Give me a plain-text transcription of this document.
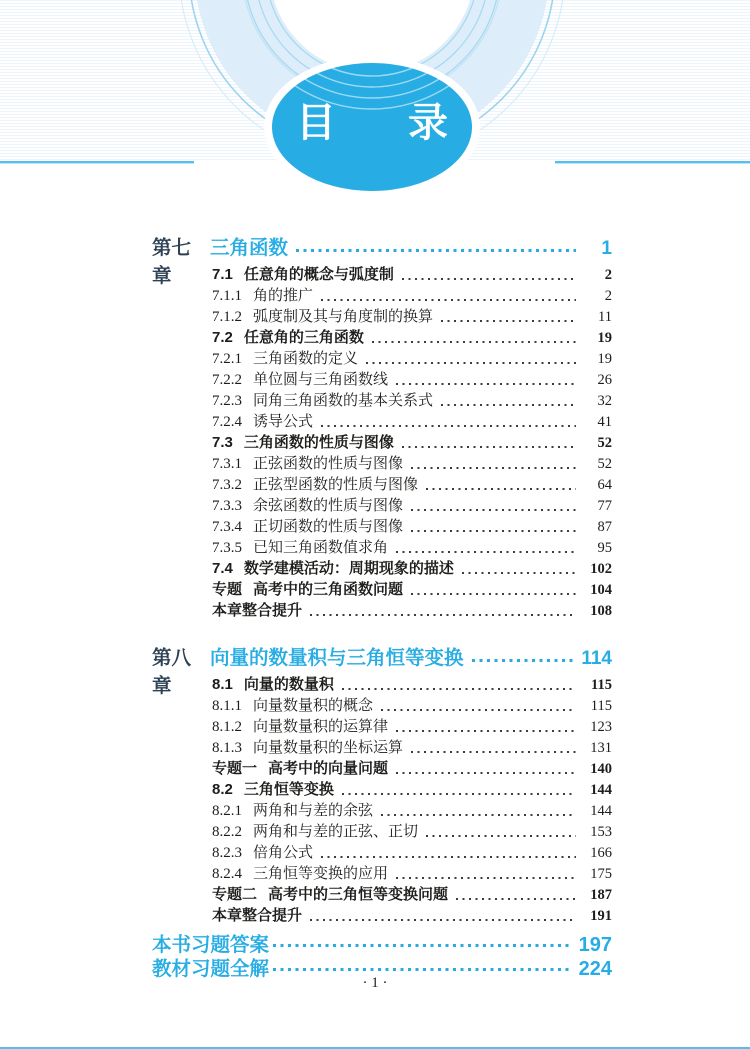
目 录
第七章
三角函数	1
7.1 任意角的概念与弧度制	2
7.1.1 角的推广	2
7.1.2 弧度制及其与角度制的换算	11
7.2 任意角的三角函数	19
7.2.1 三角函数的定义	19
7.2.2 单位圆与三角函数线	26
7.2.3 同角三角函数的基本关系式	32
7.2.4 诱导公式	41
7.3 三角函数的性质与图像	52
7.3.1 正弦函数的性质与图像	52
7.3.2 正弦型函数的性质与图像	64
7.3.3 余弦函数的性质与图像	77
7.3.4 正切函数的性质与图像	87
7.3.5 已知三角函数值求角	95
7.4 数学建模活动：周期现象的描述	102
专题 高考中的三角函数问题	104
本章整合提升	108
第八章
向量的数量积与三角恒等变换	114
8.1 向量的数量积	115
8.1.1 向量数量积的概念	115
8.1.2 向量数量积的运算律	123
8.1.3 向量数量积的坐标运算	131
专题一 高考中的向量问题	140
8.2 三角恒等变换	144
8.2.1 两角和与差的余弦	144
8.2.2 两角和与差的正弦、正切	153
8.2.3 倍角公式	166
8.2.4 三角恒等变换的应用	175
专题二 高考中的三角恒等变换问题	187
本章整合提升	191
本书习题答案	197
教材习题全解	224
· 1 ·
